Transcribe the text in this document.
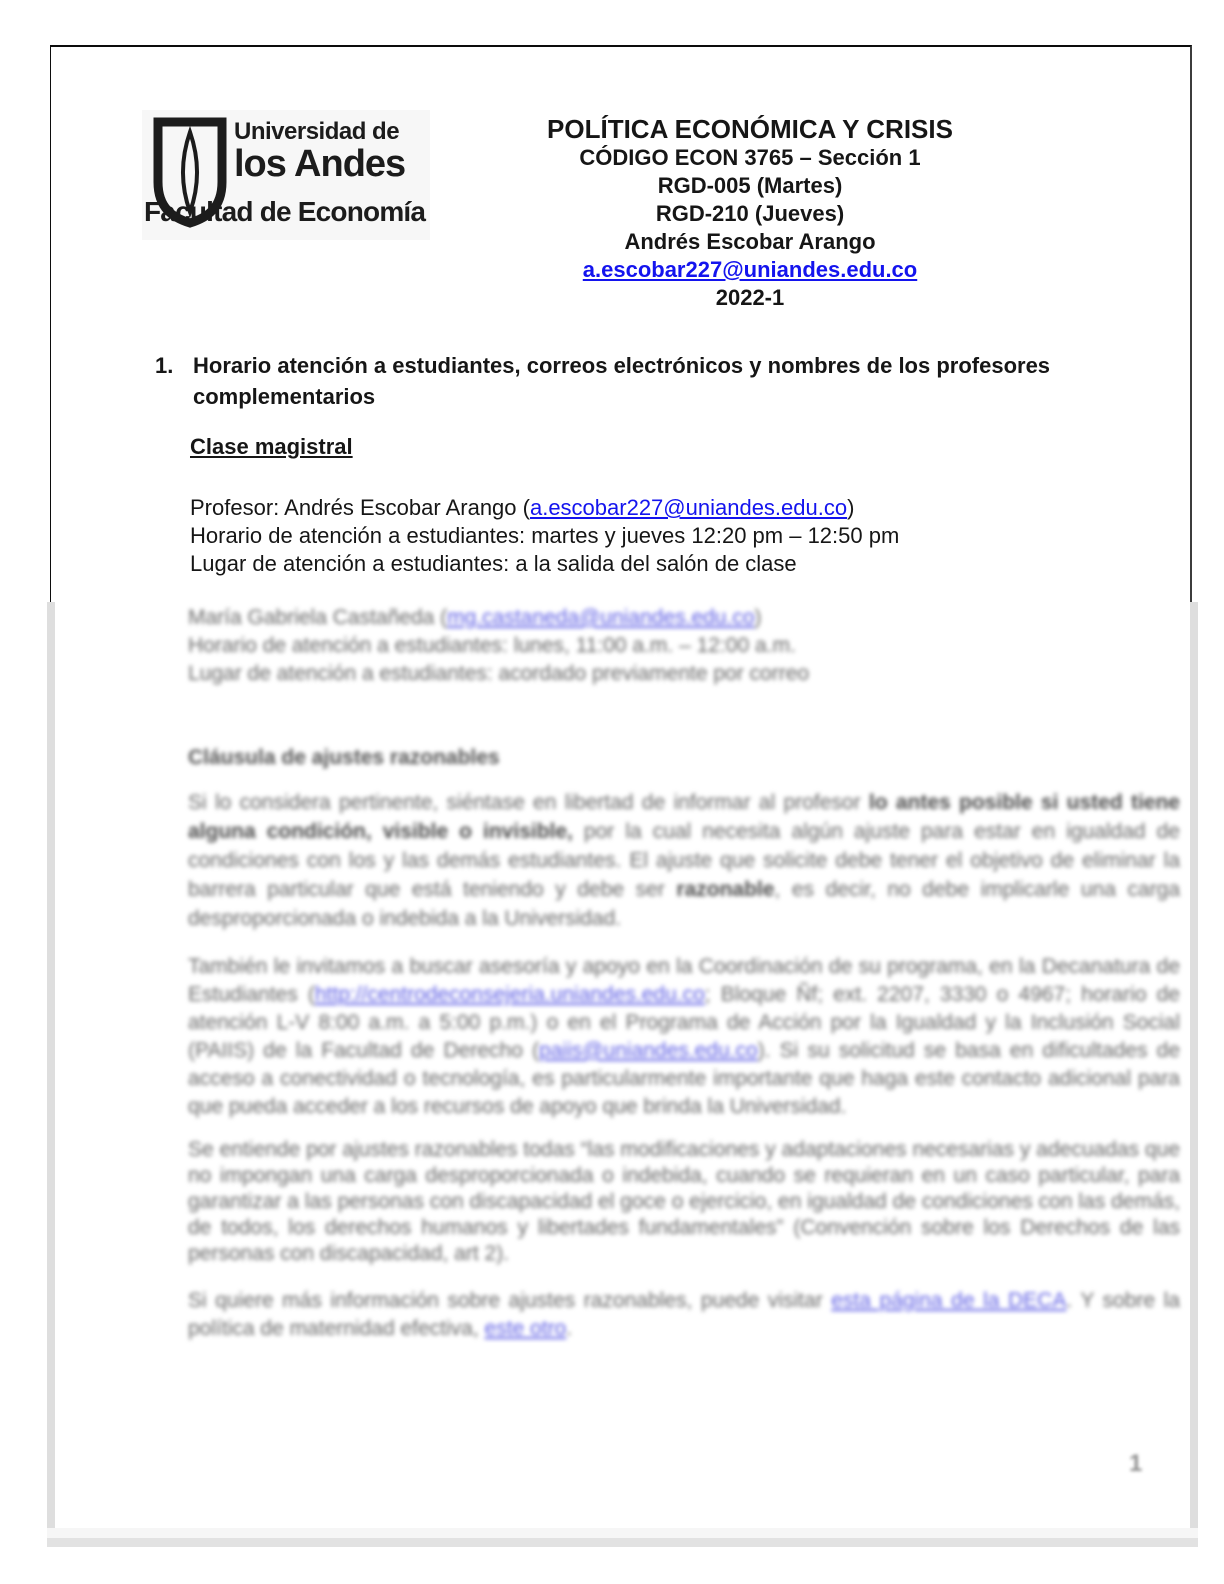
Universidad de
los Andes
Facultad de Economía
POLÍTICA ECONÓMICA Y CRISIS
CÓDIGO ECON 3765 – Sección 1
RGD-005 (Martes)
RGD-210 (Jueves)
Andrés Escobar Arango
a.escobar227@uniandes.edu.co
2022-1
1. Horario atención a estudiantes, correos electrónicos y nombres de los profesores complementarios
Clase magistral
Profesor: Andrés Escobar Arango (a.escobar227@uniandes.edu.co)
Horario de atención a estudiantes: martes y jueves 12:20 pm – 12:50 pm
Lugar de atención a estudiantes: a la salida del salón de clase
María Gabriela Castañeda (mg.castaneda@uniandes.edu.co)
Horario de atención a estudiantes: lunes, 11:00 a.m. – 12:00 a.m.
Lugar de atención a estudiantes: acordado previamente por correo
Cláusula de ajustes razonables
Si lo considera pertinente, siéntase en libertad de informar al profesor lo antes posible si usted tiene alguna condición, visible o invisible, por la cual necesita algún ajuste para estar en igualdad de condiciones con los y las demás estudiantes. El ajuste que solicite debe tener el objetivo de eliminar la barrera particular que está teniendo y debe ser razonable, es decir, no debe implicarle una carga desproporcionada o indebida a la Universidad.
También le invitamos a buscar asesoría y apoyo en la Coordinación de su programa, en la Decanatura de Estudiantes (http://centrodeconsejeria.uniandes.edu.co; Bloque Ñf; ext. 2207, 3330 o 4967; horario de atención L-V 8:00 a.m. a 5:00 p.m.) o en el Programa de Acción por la Igualdad y la Inclusión Social (PAIIS) de la Facultad de Derecho (paiis@uniandes.edu.co). Si su solicitud se basa en dificultades de acceso a conectividad o tecnología, es particularmente importante que haga este contacto adicional para que pueda acceder a los recursos de apoyo que brinda la Universidad.
Se entiende por ajustes razonables todas “las modificaciones y adaptaciones necesarias y adecuadas que no impongan una carga desproporcionada o indebida, cuando se requieran en un caso particular, para garantizar a las personas con discapacidad el goce o ejercicio, en igualdad de condiciones con las demás, de todos, los derechos humanos y libertades fundamentales” (Convención sobre los Derechos de las personas con discapacidad, art 2).
Si quiere más información sobre ajustes razonables, puede visitar esta página de la DECA. Y sobre la política de maternidad efectiva, este otro.
1
